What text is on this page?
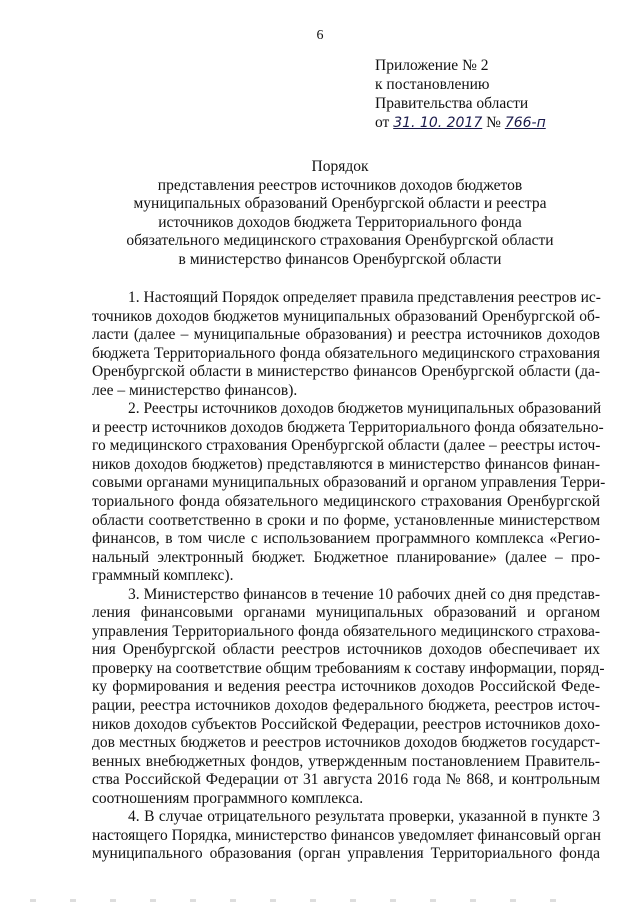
6
Приложение № 2
к постановлению
Правительства области
от 31. 10. 2017 № 766-п
Порядок
представления реестров источников доходов бюджетов
муниципальных образований Оренбургской области и реестра
источников доходов бюджета Территориального фонда
обязательного медицинского страхования Оренбургской области
в министерство финансов Оренбургской области

1. Настоящий Порядок определяет правила представления реестров ис-
точников доходов бюджетов муниципальных образований Оренбургской об-
ласти (далее – муниципальные образования) и реестра источников доходов
бюджета Территориального фонда обязательного медицинского страхования
Оренбургской области в министерство финансов Оренбургской области (да-
лее – министерство финансов).

2. Реестры источников доходов бюджетов муниципальных образований
и реестр источников доходов бюджета Территориального фонда обязательно-
го медицинского страхования Оренбургской области (далее – реестры источ-
ников доходов бюджетов) представляются в министерство финансов финан-
совыми органами муниципальных образований и органом управления Терри-
ториального фонда обязательного медицинского страхования Оренбургской
области соответственно в сроки и по форме, установленные министерством
финансов, в том числе с использованием программного комплекса «Регио-
нальный электронный бюджет. Бюджетное планирование» (далее – про-
граммный комплекс).

3. Министерство финансов в течение 10 рабочих дней со дня представ-
ления финансовыми органами муниципальных образований и органом
управления Территориального фонда обязательного медицинского страхова-
ния Оренбургской области реестров источников доходов обеспечивает их
проверку на соответствие общим требованиям к составу информации, поряд-
ку формирования и ведения реестра источников доходов Российской Феде-
рации, реестра источников доходов федерального бюджета, реестров источ-
ников доходов субъектов Российской Федерации, реестров источников дохо-
дов местных бюджетов и реестров источников доходов бюджетов государст-
венных внебюджетных фондов, утвержденным постановлением Правитель-
ства Российской Федерации от 31 августа 2016 года № 868, и контрольным
соотношениям программного комплекса.

4. В случае отрицательного результата проверки, указанной в пункте 3
настоящего Порядка, министерство финансов уведомляет финансовый орган
муниципального образования (орган управления Территориального фонда
